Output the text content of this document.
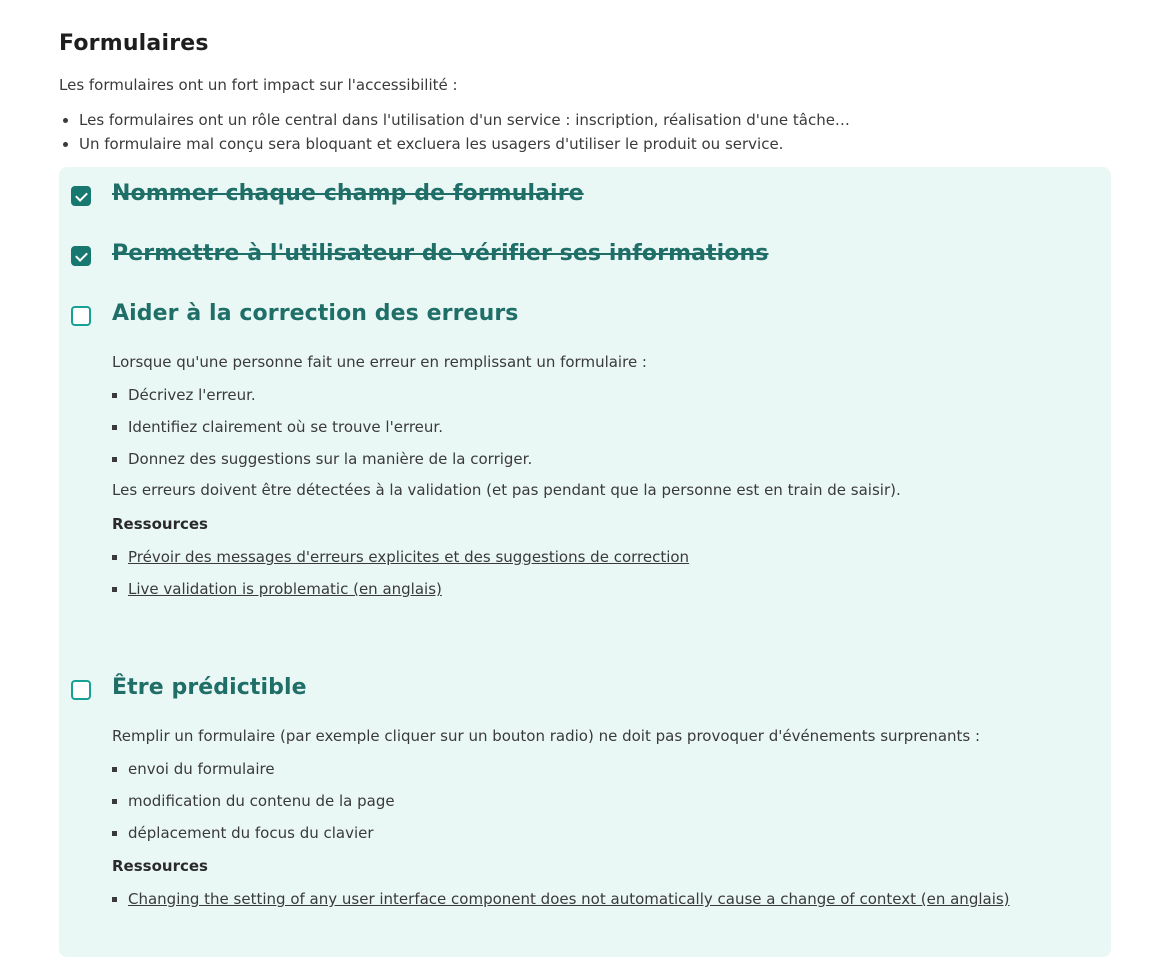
Formulaires

Les formulaires ont un fort impact sur l'accessibilité :

Les formulaires ont un rôle central dans l'utilisation d'un service : inscription, réalisation d'une tâche…
Un formulaire mal conçu sera bloquant et excluera les usagers d'utiliser le produit ou service.
Nommer chaque champ de formulaire
Permettre à l'utilisateur de vérifier ses informations
Aider à la correction des erreurs

Lorsque qu'une personne fait une erreur en remplissant un formulaire :

Décrivez l'erreur.
Identifiez clairement où se trouve l'erreur.
Donnez des suggestions sur la manière de la corriger.

Les erreurs doivent être détectées à la validation (et pas pendant que la personne est en train de saisir).

Ressources

Prévoir des messages d'erreurs explicites et des suggestions de correction
Live validation is problematic (en anglais)
Être prédictible

Remplir un formulaire (par exemple cliquer sur un bouton radio) ne doit pas provoquer d'événements surprenants :

envoi du formulaire
modification du contenu de la page
déplacement du focus du clavier

Ressources

Changing the setting of any user interface component does not automatically cause a change of context (en anglais)
